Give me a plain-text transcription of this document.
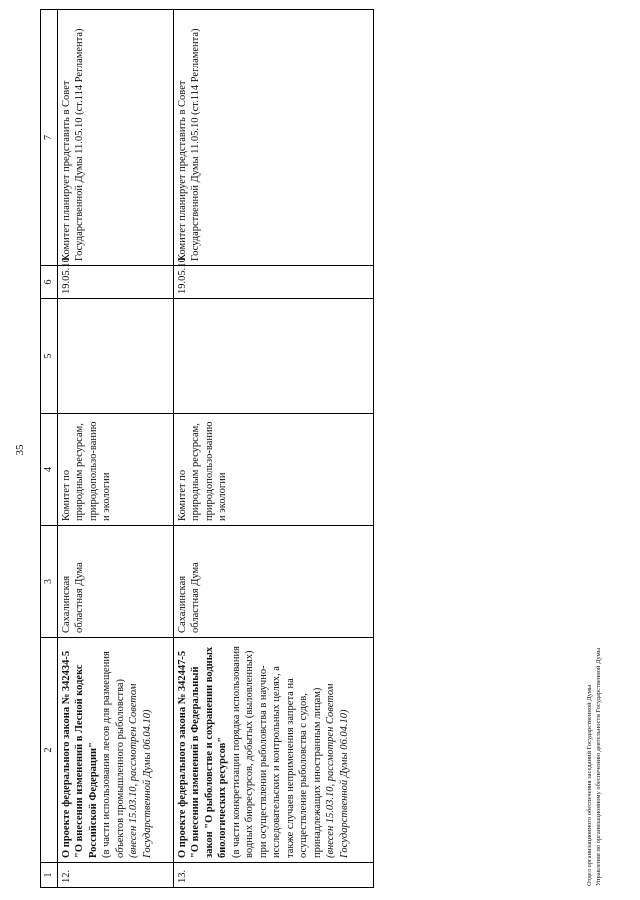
35
1	2	3	4	5	6	7
12.	О проекте федерального закона № 342434-5 "О внесении изменений в Лесной кодекс Российской Федерации" (в части использования лесов для размещения объектов промышленного рыболовства) (внесен 15.03.10, рассмотрен Советом Государственной Думы 06.04.10)	Сахалинская областная Дума	Комитет по природным ресурсам, природопользо-ванию и экологии		19.05.10	Комитет планирует представить в Совет Государственной Думы 11.05.10 (ст.114 Регламента)
13.	О проекте федерального закона № 342447-5 "О внесении изменений в Федеральный закон "О рыболовстве и сохранении водных биологических ресурсов" (в части конкретизации порядка использования водных биоресурсов, добытых (выловленных) при осуществлении рыболовства в научно-исследовательских и контрольных целях, а также случаев неприменения запрета на осуществление рыболовства с судов, принадлежащих иностранным лицам) (внесен 15.03.10, рассмотрен Советом Государственной Думы 06.04.10)	Сахалинская областная Дума	Комитет по природным ресурсам, природопользо-ванию и экологии		19.05.10	Комитет планирует представить в Совет Государственной Думы 11.05.10 (ст.114 Регламента)
Отдел организационного обеспечения заседаний Государственной Думы Управления по организационному обеспечению деятельности Государственной Думы
